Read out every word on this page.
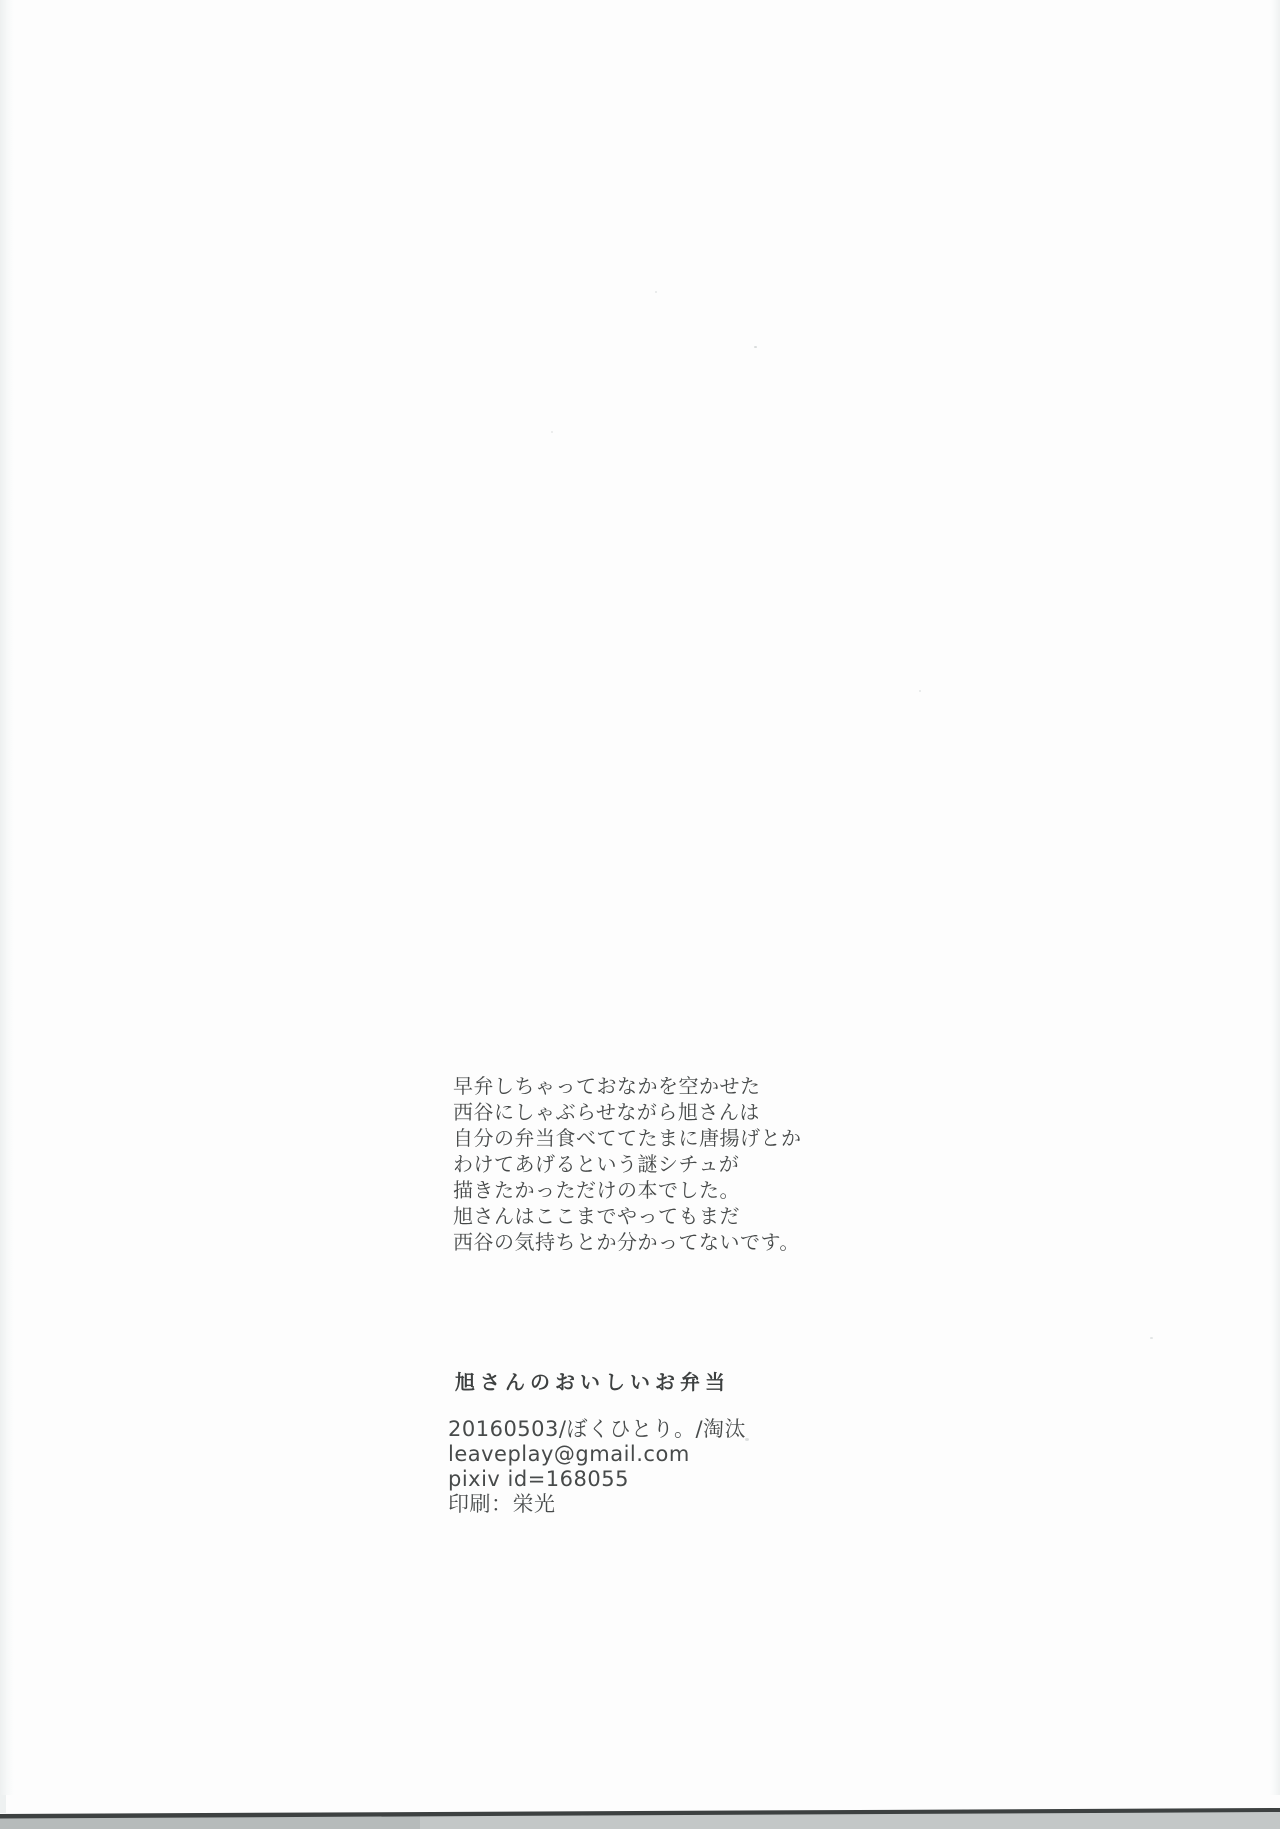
早弁しちゃっておなかを空かせた
西谷にしゃぶらせながら旭さんは
自分の弁当食べててたまに唐揚げとか
わけてあげるという謎シチュが
描きたかっただけの本でした。
旭さんはここまでやってもまだ
西谷の気持ちとか分かってないです。
旭さんのおいしいお弁当
20160503/ぼくひとり。/淘汰
leaveplay@gmail.com
pixiv id=168055
印刷：栄光
